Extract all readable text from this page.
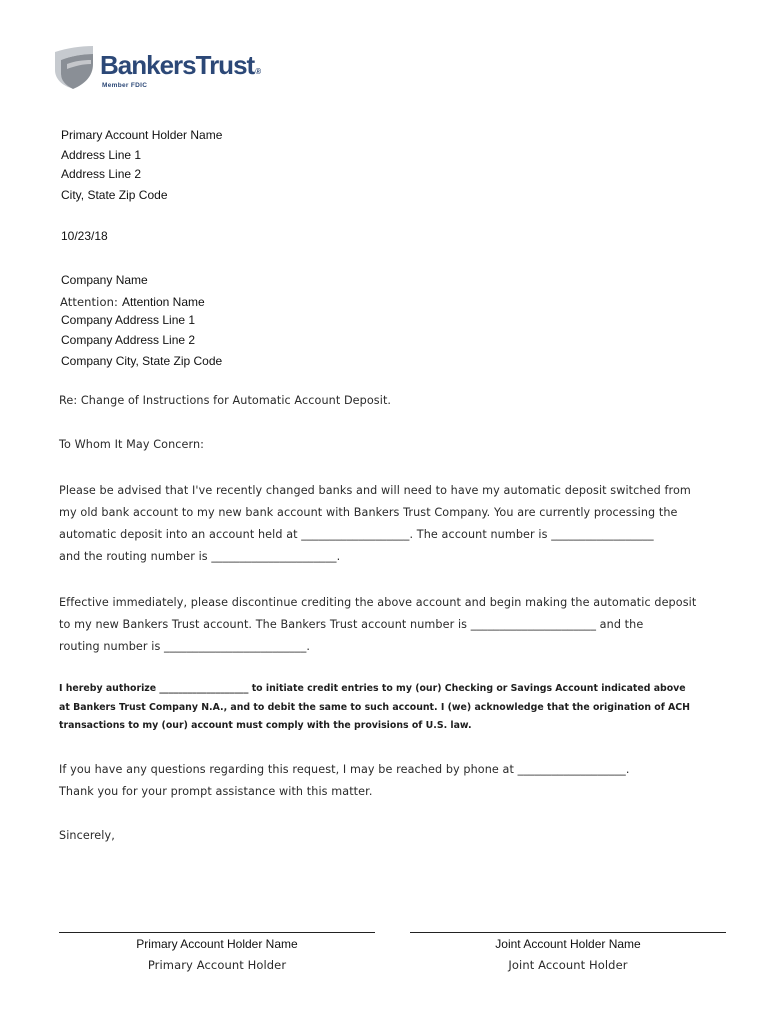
BankersTrust®
Member FDIC
Primary Account Holder Name
Address Line 1
Address Line 2
City, State Zip Code
10/23/18
Company Name
Attention: Attention Name
Company Address Line 1
Company Address Line 2
Company City, State Zip Code
Re: Change of Instructions for Automatic Account Deposit.
To Whom It May Concern:
Please be advised that I've recently changed banks and will need to have my automatic deposit switched from
my old bank account to my new bank account with Bankers Trust Company. You are currently processing the
automatic deposit into an account held at ___________________. The account number is __________________
and the routing number is ______________________.
Effective immediately, please discontinue crediting the above account and begin making the automatic deposit
to my new Bankers Trust account. The Bankers Trust account number is ______________________ and the
routing number is _________________________.
I hereby authorize ___________________ to initiate credit entries to my (our) Checking or Savings Account indicated above
at Bankers Trust Company N.A., and to debit the same to such account. I (we) acknowledge that the origination of ACH
transactions to my (our) account must comply with the provisions of U.S. law.
If you have any questions regarding this request, I may be reached by phone at ___________________.
Thank you for your prompt assistance with this matter.
Sincerely,
Primary Account Holder Name
Primary Account Holder
Joint Account Holder Name
Joint Account Holder
